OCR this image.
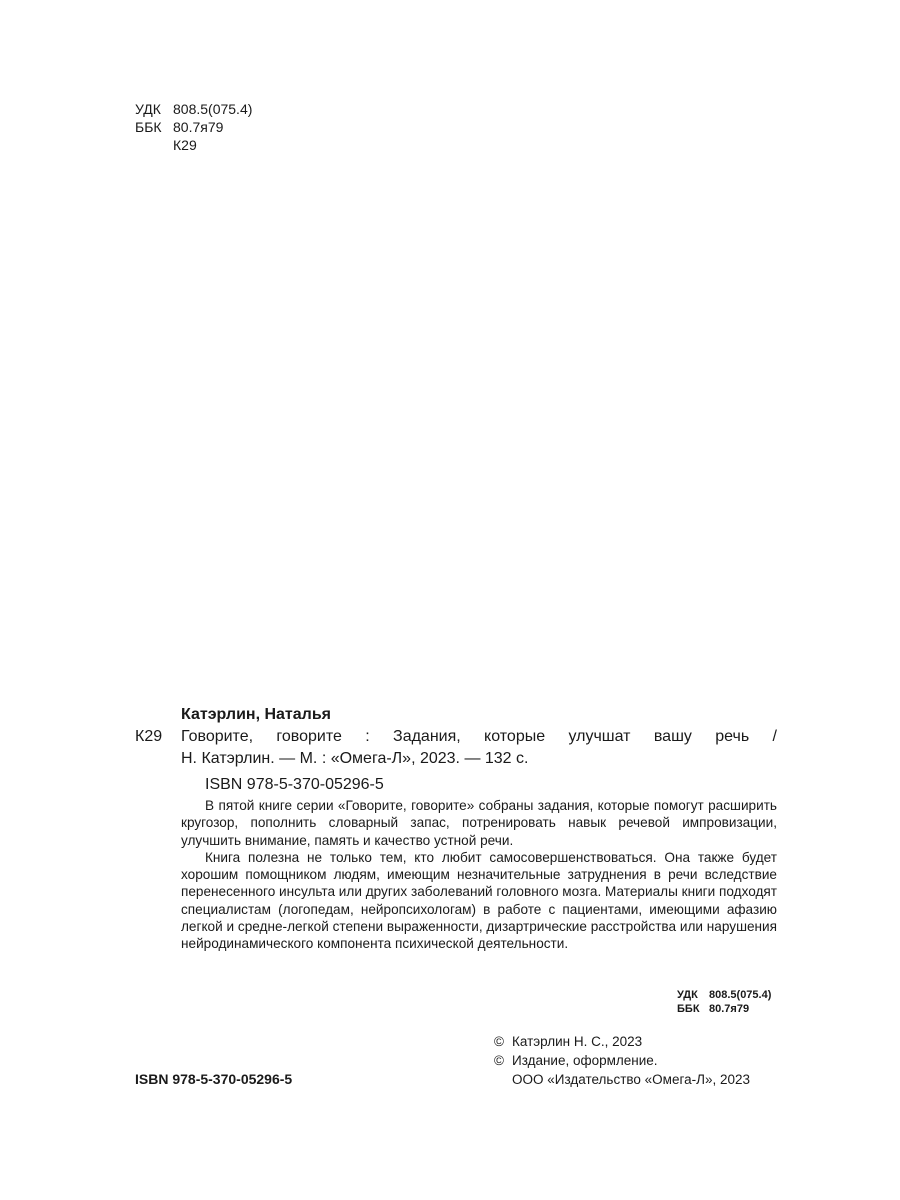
УДК 808.5(075.4)
ББК 80.7я79
К29
Катэрлин, Наталья
К29 Говорите, говорите : Задания, которые улучшат вашу речь /
Н. Катэрлин. — М. : «Омега-Л», 2023. — 132 с.
ISBN 978-5-370-05296-5

В пятой книге серии «Говорите, говорите» собраны задания, которые помогут расширить кругозор, пополнить словарный запас, потренировать навык речевой импровизации, улучшить внимание, память и качество устной речи.

Книга полезна не только тем, кто любит самосовершенствоваться. Она также будет хорошим помощником людям, имеющим незначительные затруднения в речи вследствие перенесенного инсульта или других заболеваний головного мозга. Материалы книги подходят специалистам (логопедам, нейропсихологам) в работе с пациентами, имеющими афазию легкой и средне-легкой степени выраженности, дизартрические расстройства или нарушения нейродинамического компонента психической деятельности.

УДК	808.5(075.4)
ББК 80.7я79
© Катэрлин Н. С., 2023
© Издание, оформление.
ООО «Издательство «Омега-Л», 2023
ISBN 978-5-370-05296-5
